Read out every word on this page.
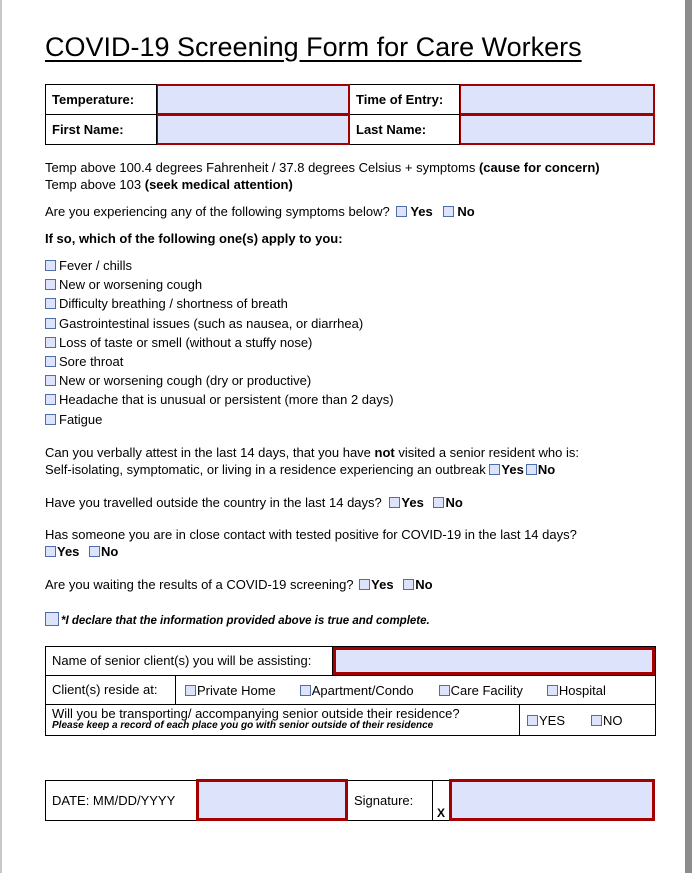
COVID-19 Screening Form for Care Workers
Temperature:		Time of Entry:	
First Name:		Last Name:	
Temp above 100.4 degrees Fahrenheit / 37.8 degrees Celsius + symptoms (cause for concern)
Temp above 103 (seek medical attention)
Are you experiencing any of the following symptoms below? Yes No
If so, which of the following one(s) apply to you:
Fever / chills
New or worsening cough
Difficulty breathing / shortness of breath
Gastrointestinal issues (such as nausea, or diarrhea)
Loss of taste or smell (without a stuffy nose)
Sore throat
New or worsening cough (dry or productive)
Headache that is unusual or persistent (more than 2 days)
Fatigue
Can you verbally attest in the last 14 days, that you have not visited a senior resident who is:
Self-isolating, symptomatic, or living in a residence experiencing an outbreak Yes No
Have you travelled outside the country in the last 14 days? Yes No
Has someone you are in close contact with tested positive for COVID-19 in the last 14 days?
Yes No
Are you waiting the results of a COVID-19 screening? Yes No
*I declare that the information provided above is true and complete.
Name of senior client(s) you will be assisting:

Client(s) reside at:	Private Home	Apartment/Condo	Care Facility	Hospital

Will you be transporting/ accompanying senior outside their residence?
Please keep a record of each place you go with senior outside of their residence	YES	NO
DATE: MM/DD/YYYY		Signature:	X	
